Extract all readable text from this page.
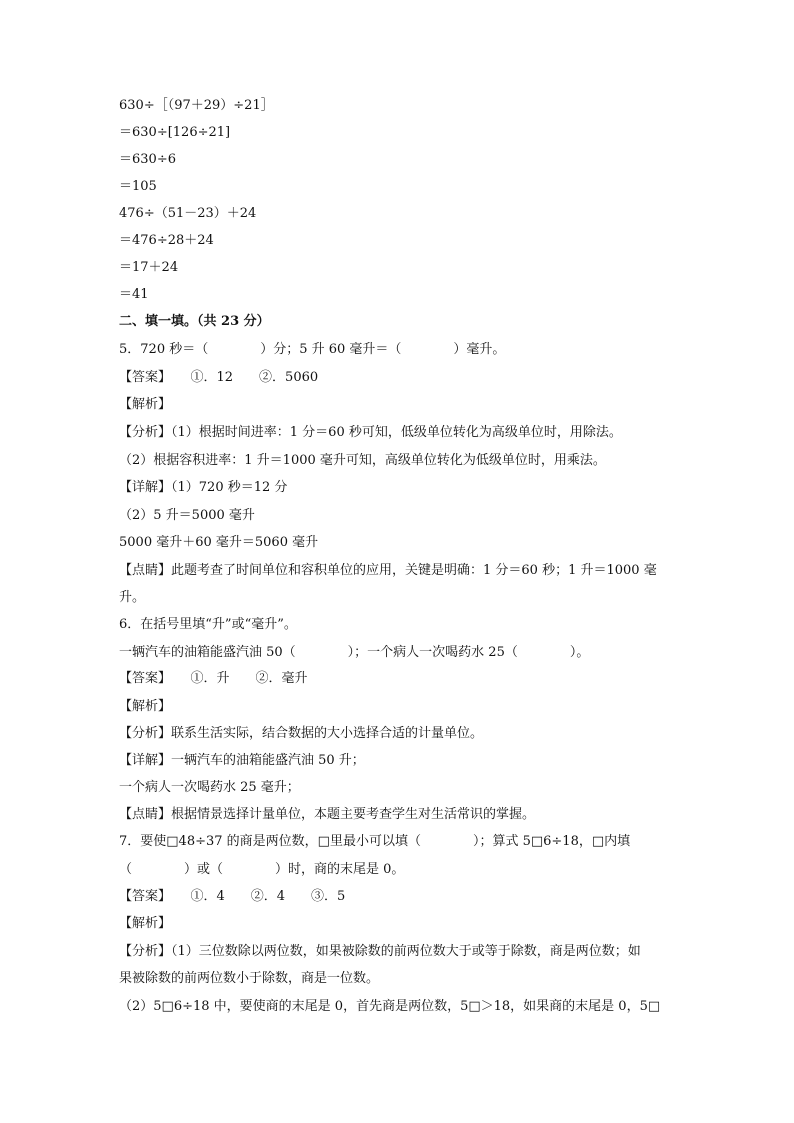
630÷［（97＋29）÷21］
＝630÷[126÷21]
＝630÷6
＝105
476÷（51－23）＋24
＝476÷28＋24
＝17＋24
＝41
二、填一填。（共 23 分）
5．720 秒＝（　　　　）分；5 升 60 毫升＝（　　　　）毫升。
【答案】　　①．12　　②．5060
【解析】
【分析】（1）根据时间进率：1 分＝60 秒可知，低级单位转化为高级单位时，用除法。
（2）根据容积进率：1 升＝1000 毫升可知，高级单位转化为低级单位时，用乘法。
【详解】（1）720 秒＝12 分
（2）5 升＝5000 毫升
5000 毫升＋60 毫升＝5060 毫升
【点睛】此题考查了时间单位和容积单位的应用，关键是明确：1 分＝60 秒；1 升＝1000 毫
升。
6．在括号里填“升”或“毫升”。
一辆汽车的油箱能盛汽油 50（　　　　）；一个病人一次喝药水 25（　　　　）。
【答案】　　①．升　　②．毫升
【解析】
【分析】联系生活实际，结合数据的大小选择合适的计量单位。
【详解】一辆汽车的油箱能盛汽油 50 升；
一个病人一次喝药水 25 毫升；
【点睛】根据情景选择计量单位，本题主要考查学生对生活常识的掌握。
7．要使□48÷37 的商是两位数，□里最小可以填（　　　　）；算式 5□6÷18，□内填
（　　　　）或（　　　　）时，商的末尾是 0。
【答案】　　①．4　　②．4　　③．5
【解析】
【分析】（1）三位数除以两位数，如果被除数的前两位数大于或等于除数，商是两位数；如
果被除数的前两位数小于除数，商是一位数。
（2）5□6÷18 中，要使商的末尾是 0，首先商是两位数，5□＞18，如果商的末尾是 0，5□
